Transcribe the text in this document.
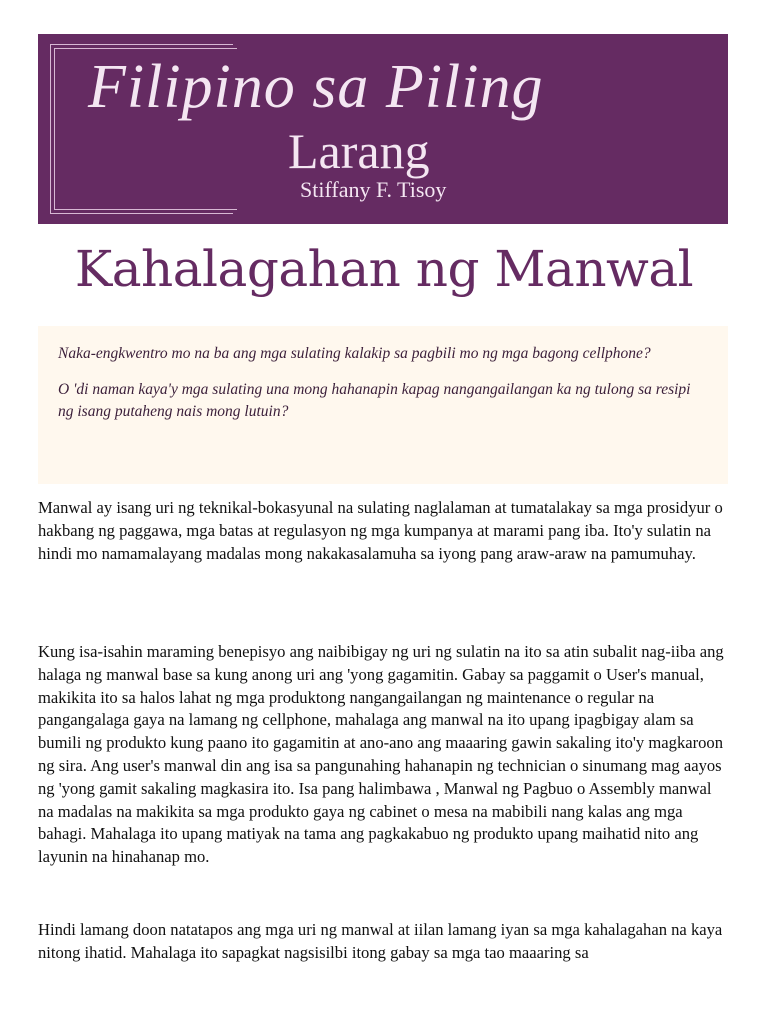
Filipino sa Piling
Larang
Stiffany F. Tisoy
Kahalagahan ng Manwal

Naka-engkwentro mo na ba ang mga sulating kalakip sa pagbili mo ng mga bagong cellphone?

O 'di naman kaya'y mga sulating una mong hahanapin kapag nangangailangan ka ng tulong sa resipi ng isang putaheng nais mong lutuin?

Manwal ay isang uri ng teknikal-bokasyunal na sulating naglalaman at tumatalakay sa mga prosidyur o hakbang ng paggawa, mga batas at regulasyon ng mga kumpanya at marami pang iba. Ito'y sulatin na hindi mo namamalayang madalas mong nakakasalamuha sa iyong pang araw-araw na pamumuhay.

Kung isa-isahin maraming benepisyo ang naibibigay ng uri ng sulatin na ito sa atin subalit nag-iiba ang halaga ng manwal base sa kung anong uri ang 'yong gagamitin. Gabay sa paggamit o User's manual, makikita ito sa halos lahat ng mga produktong nangangailangan ng maintenance o regular na pangangalaga gaya na lamang ng cellphone, mahalaga ang manwal na ito upang ipagbigay alam sa bumili ng produkto kung paano ito gagamitin at ano-ano ang maaaring gawin sakaling ito'y magkaroon ng sira. Ang user's manwal din ang isa sa pangunahing hahanapin ng technician o sinumang mag aayos ng 'yong gamit sakaling magkasira ito. Isa pang halimbawa , Manwal ng Pagbuo o Assembly manwal na madalas na makikita sa mga produkto gaya ng cabinet o mesa na mabibili nang kalas ang mga bahagi. Mahalaga ito upang matiyak na tama ang pagkakabuo ng produkto upang maihatid nito ang layunin na hinahanap mo.

Hindi lamang doon natatapos ang mga uri ng manwal at iilan lamang iyan sa mga kahalagahan na kaya nitong ihatid. Mahalaga ito sapagkat nagsisilbi itong gabay sa mga tao maaaring sa
